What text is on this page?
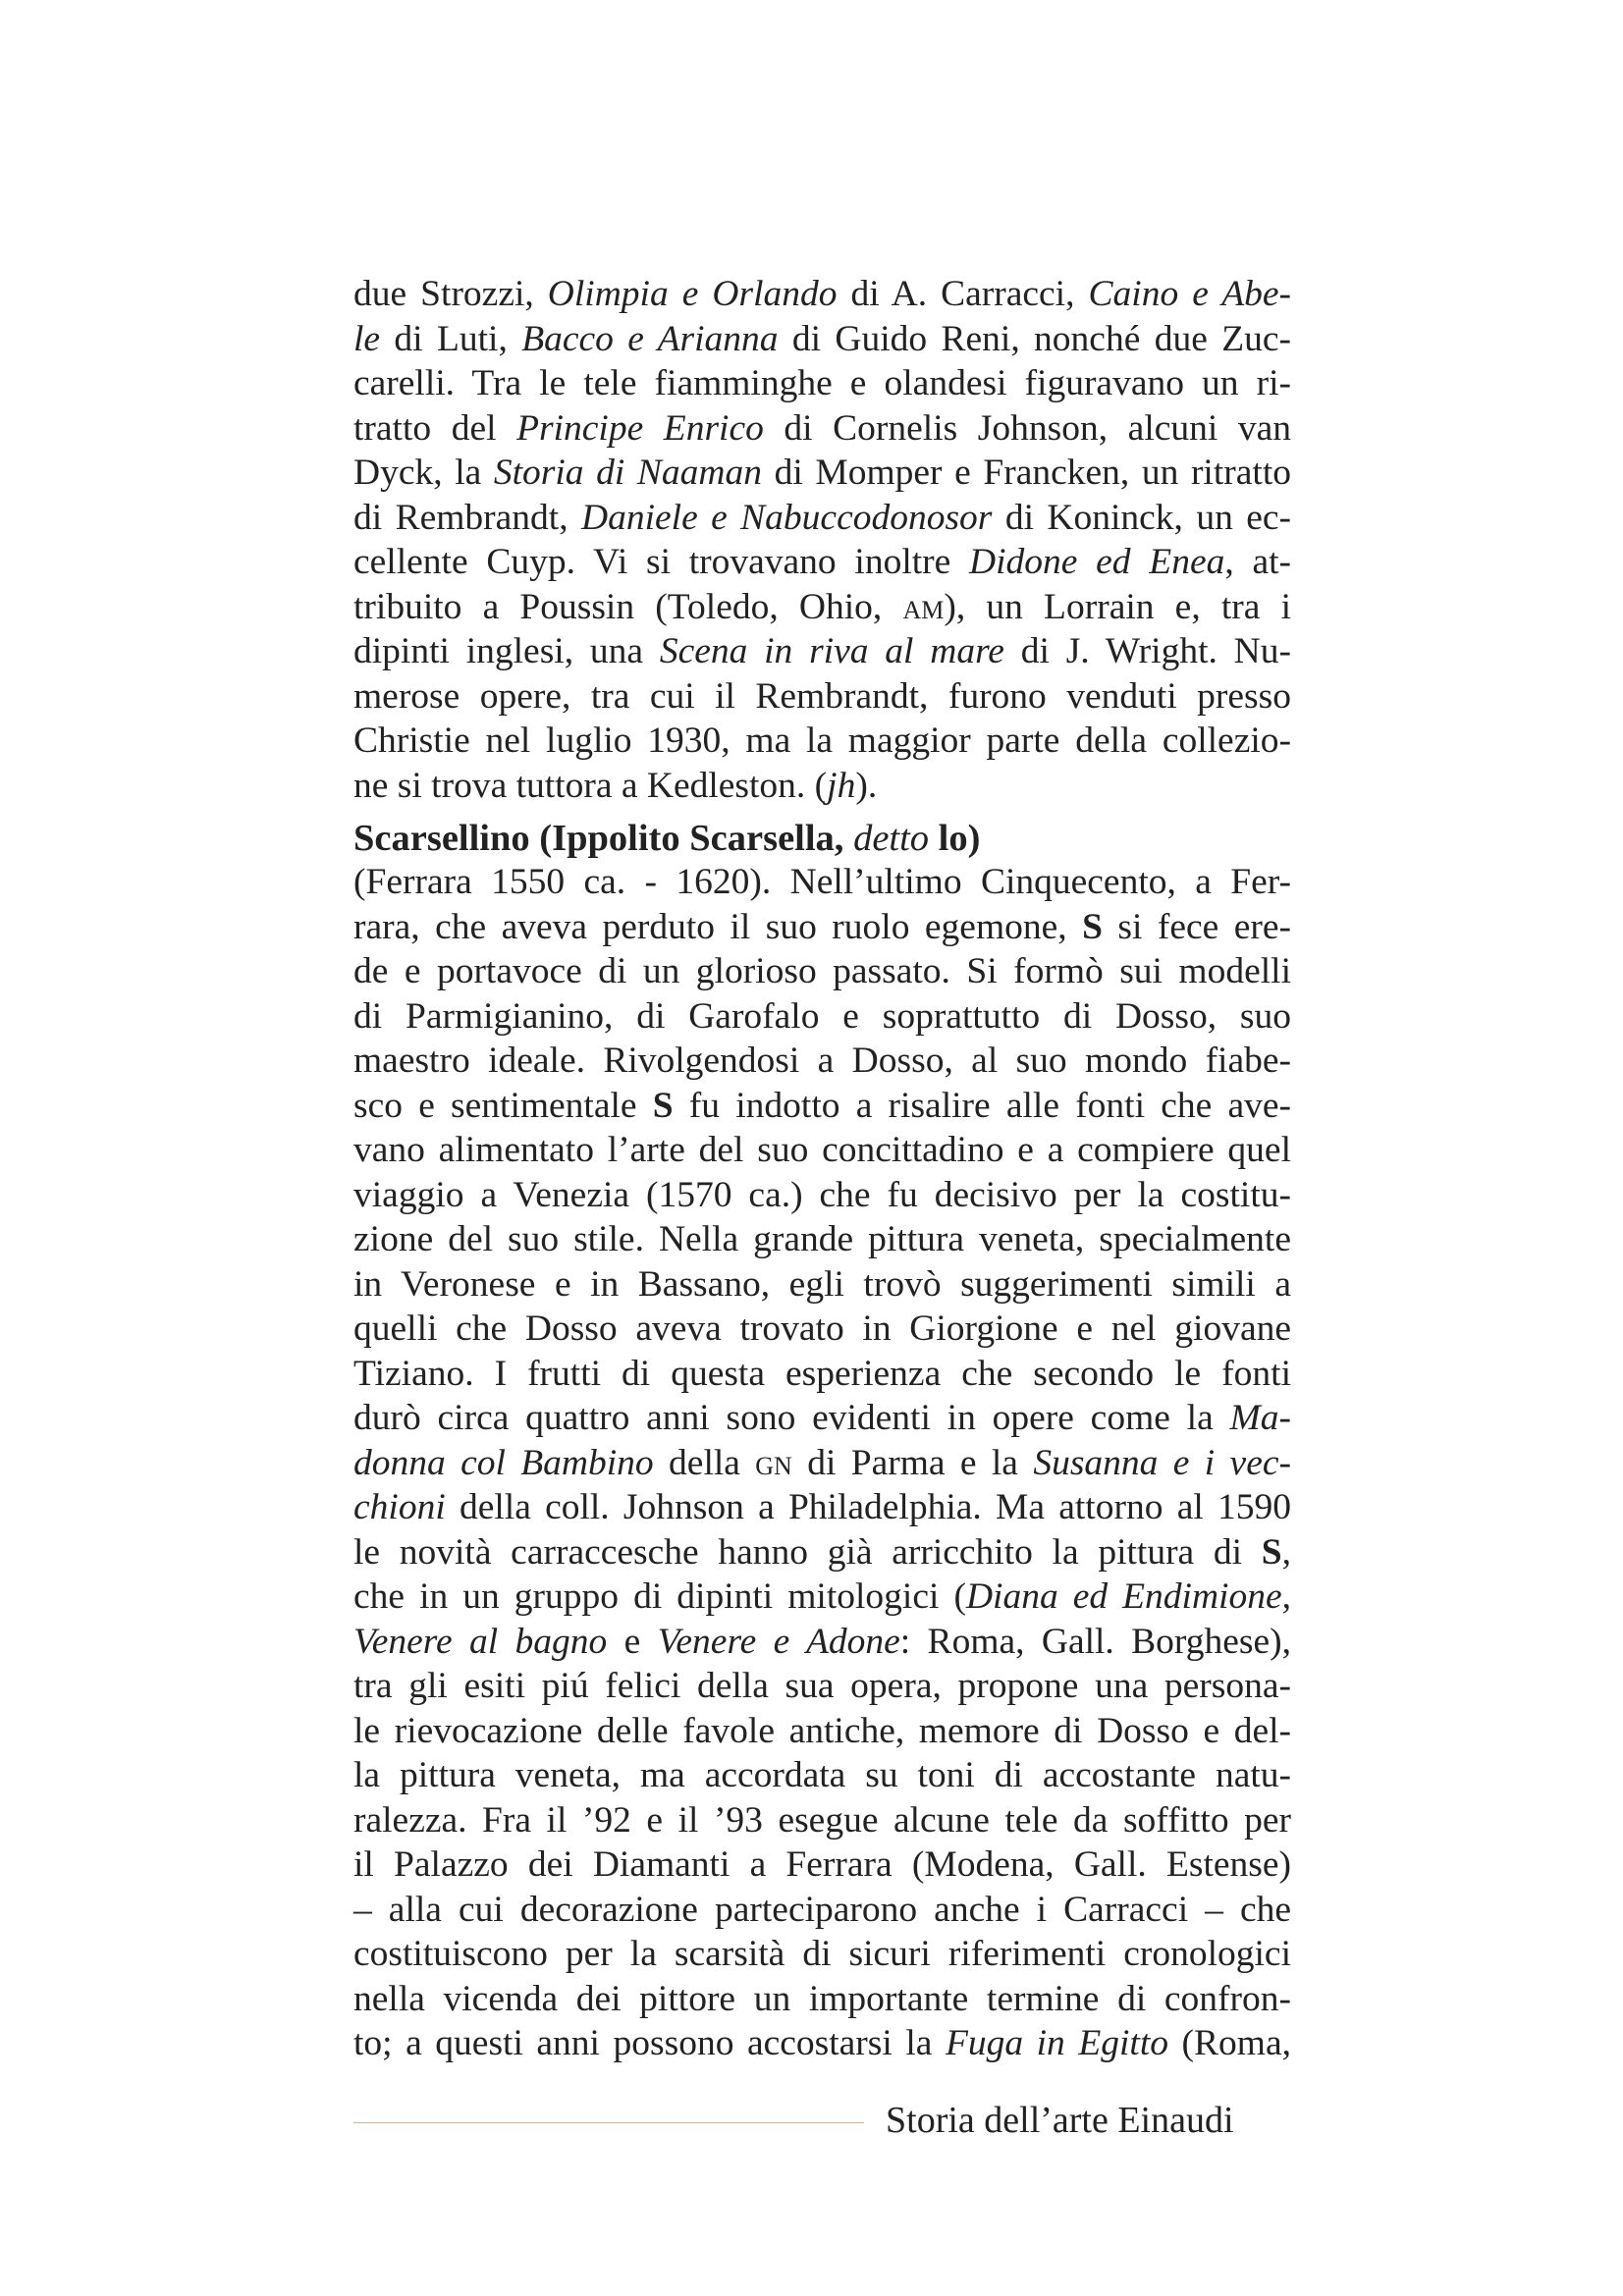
due Strozzi, Olimpia e Orlando di A. Carracci, Caino e Abe-
le di Luti, Bacco e Arianna di Guido Reni, nonché due Zuc-
carelli. Tra le tele fiamminghe e olandesi figuravano un ri-
tratto del Principe Enrico di Cornelis Johnson, alcuni van
Dyck, la Storia di Naaman di Momper e Francken, un ritratto
di Rembrandt, Daniele e Nabuccodonosor di Koninck, un ec-
cellente Cuyp. Vi si trovavano inoltre Didone ed Enea, at-
tribuito a Poussin (Toledo, Ohio, am), un Lorrain e, tra i
dipinti inglesi, una Scena in riva al mare di J. Wright. Nu-
merose opere, tra cui il Rembrandt, furono venduti presso
Christie nel luglio 1930, ma la maggior parte della collezio-
ne si trova tuttora a Kedleston. (jh).
Scarsellino (Ippolito Scarsella, detto lo)
(Ferrara 1550 ca. - 1620). Nell’ultimo Cinquecento, a Fer-
rara, che aveva perduto il suo ruolo egemone, S si fece ere-
de e portavoce di un glorioso passato. Si formò sui modelli
di Parmigianino, di Garofalo e soprattutto di Dosso, suo
maestro ideale. Rivolgendosi a Dosso, al suo mondo fiabe-
sco e sentimentale S fu indotto a risalire alle fonti che ave-
vano alimentato l’arte del suo concittadino e a compiere quel
viaggio a Venezia (1570 ca.) che fu decisivo per la costitu-
zione del suo stile. Nella grande pittura veneta, specialmente
in Veronese e in Bassano, egli trovò suggerimenti simili a
quelli che Dosso aveva trovato in Giorgione e nel giovane
Tiziano. I frutti di questa esperienza che secondo le fonti
durò circa quattro anni sono evidenti in opere come la Ma-
donna col Bambino della gn di Parma e la Susanna e i vec-
chioni della coll. Johnson a Philadelphia. Ma attorno al 1590
le novità carraccesche hanno già arricchito la pittura di S,
che in un gruppo di dipinti mitologici (Diana ed Endimione,
Venere al bagno e Venere e Adone: Roma, Gall. Borghese),
tra gli esiti piú felici della sua opera, propone una persona-
le rievocazione delle favole antiche, memore di Dosso e del-
la pittura veneta, ma accordata su toni di accostante natu-
ralezza. Fra il ’92 e il ’93 esegue alcune tele da soffitto per
il Palazzo dei Diamanti a Ferrara (Modena, Gall. Estense)
– alla cui decorazione parteciparono anche i Carracci – che
costituiscono per la scarsità di sicuri riferimenti cronologici
nella vicenda dei pittore un importante termine di confron-
to; a questi anni possono accostarsi la Fuga in Egitto (Roma,
Storia dell’arte Einaudi
